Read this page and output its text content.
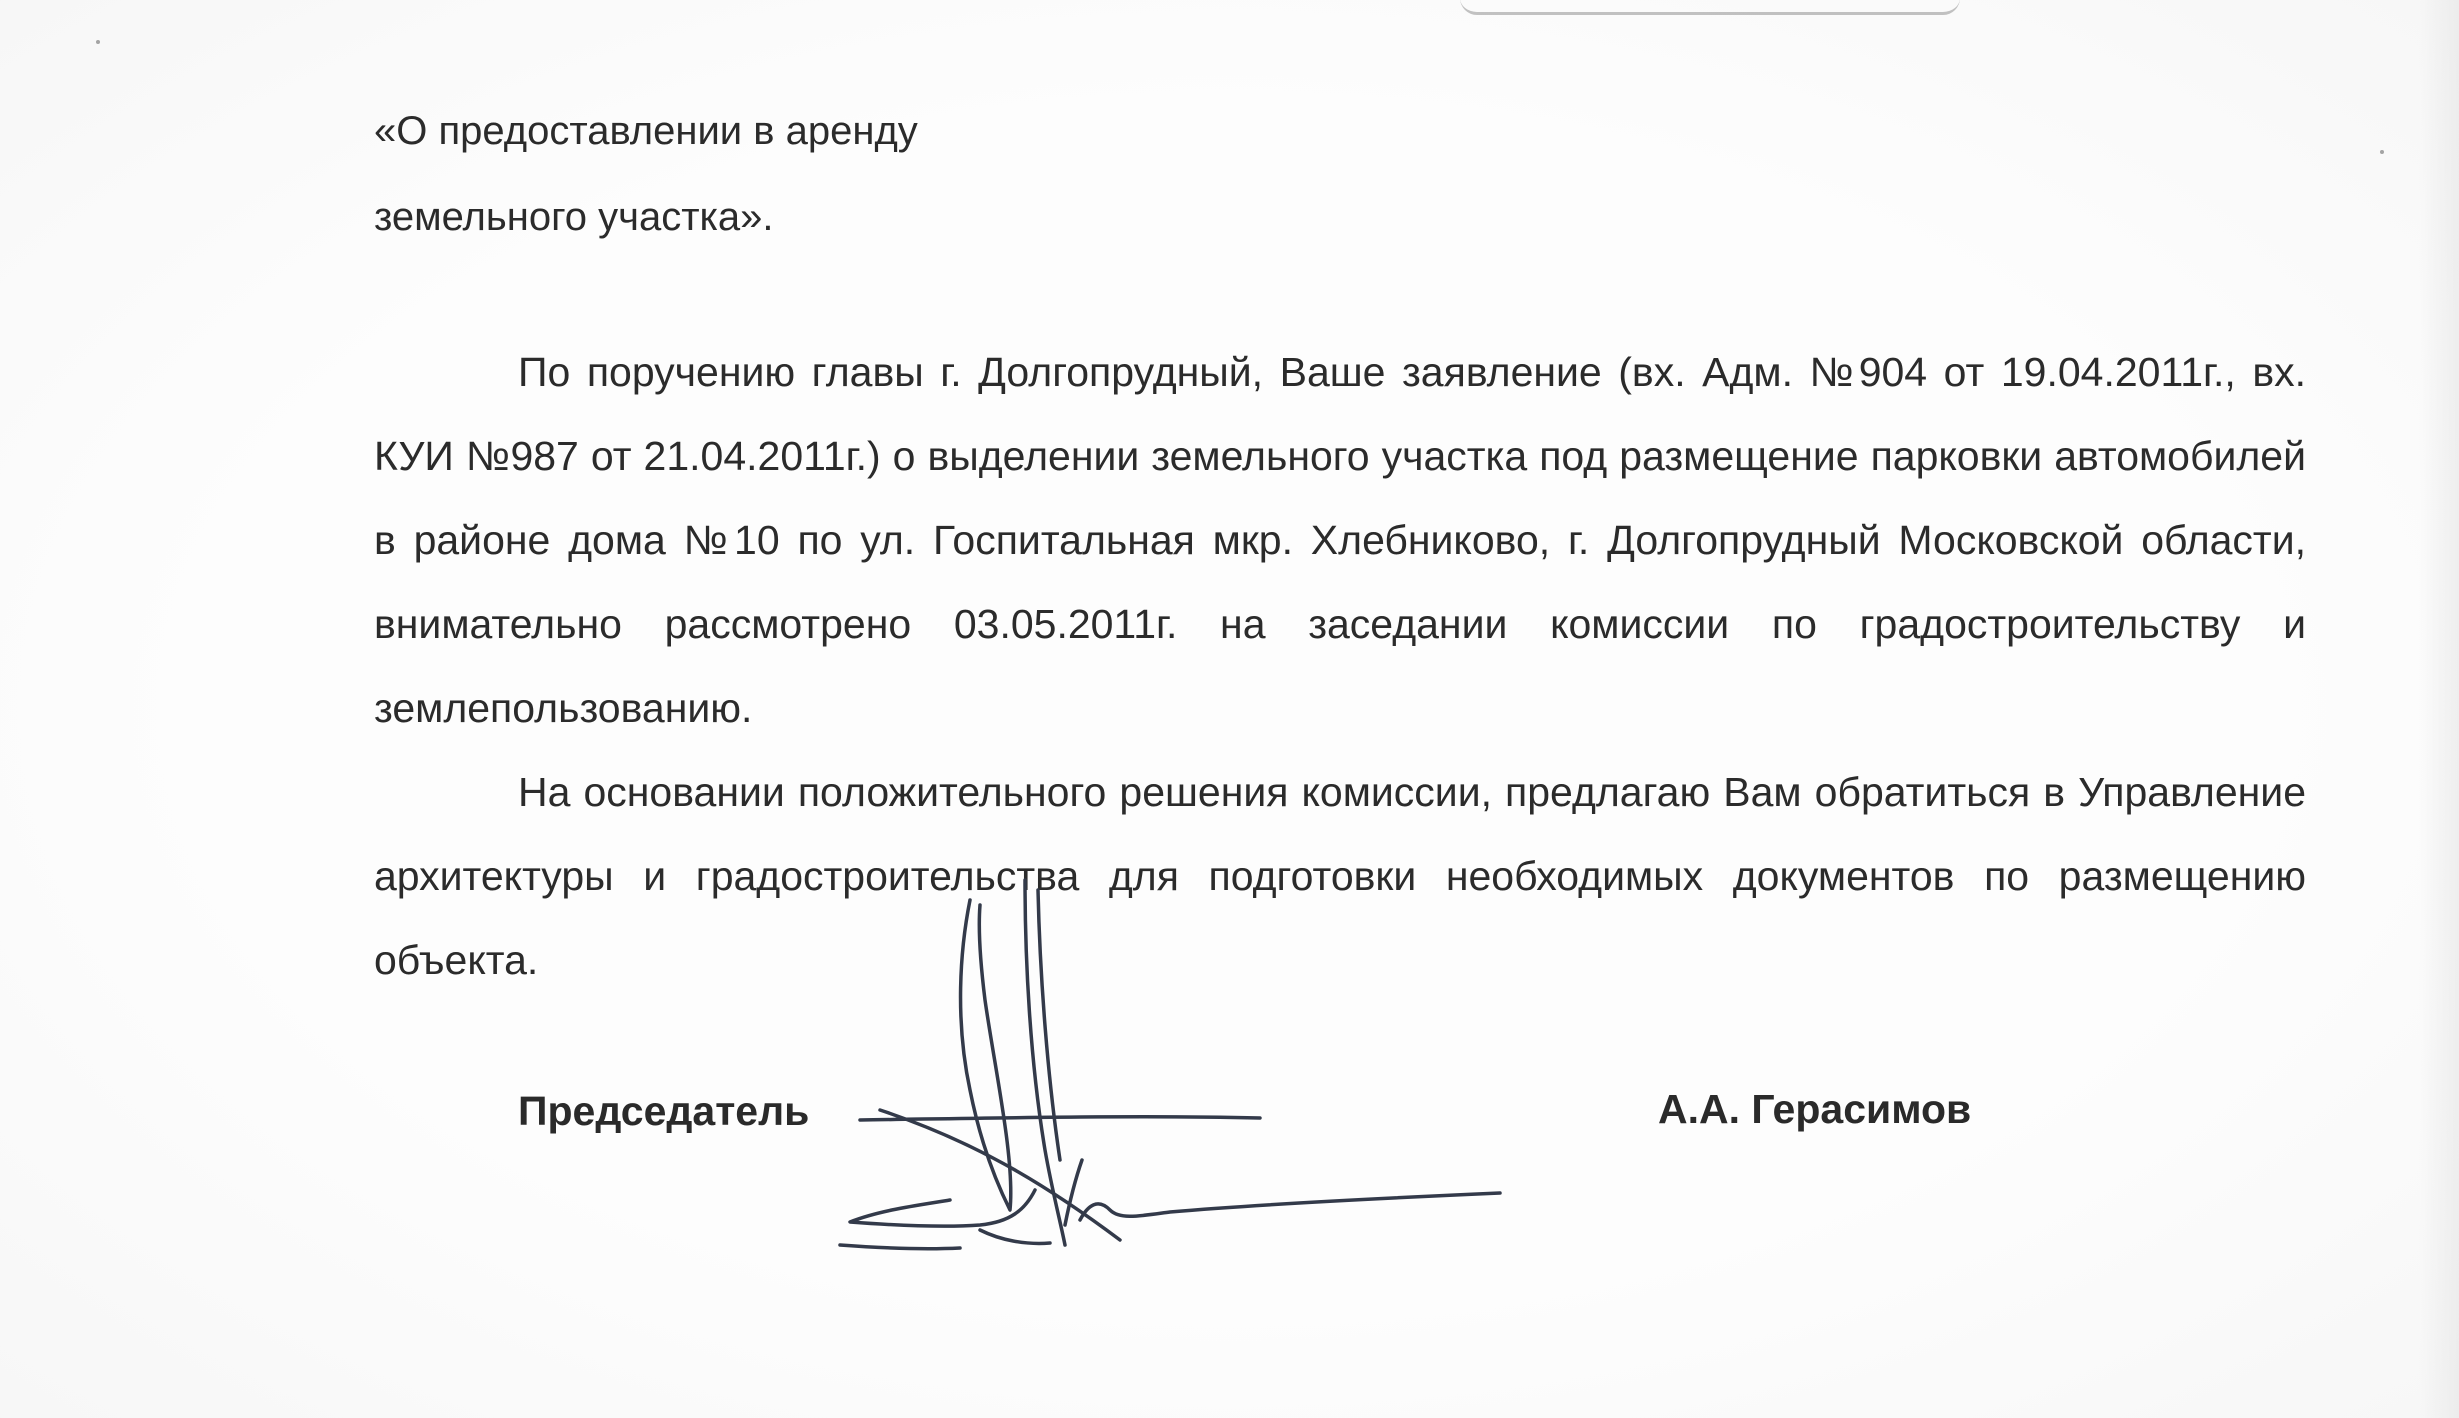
«О предоставлении в аренду
земельного участка».

По поручению главы г. Долгопрудный, Ваше заявление (вх. Адм. №904 от 19.04.2011г., вх. КУИ №987 от 21.04.2011г.) о выделении земельного участка под размещение парковки автомобилей в районе дома №10 по ул. Госпитальная мкр. Хлебниково, г. Долгопрудный Московской области, внимательно рассмотрено 03.05.2011г. на заседании комиссии по градостроительству и землепользованию.

На основании положительного решения комиссии, предлагаю Вам обратиться в Управление архитектуры и градостроительства для подготовки необходимых документов по размещению объекта.

Председатель	А.А. Герасимов
